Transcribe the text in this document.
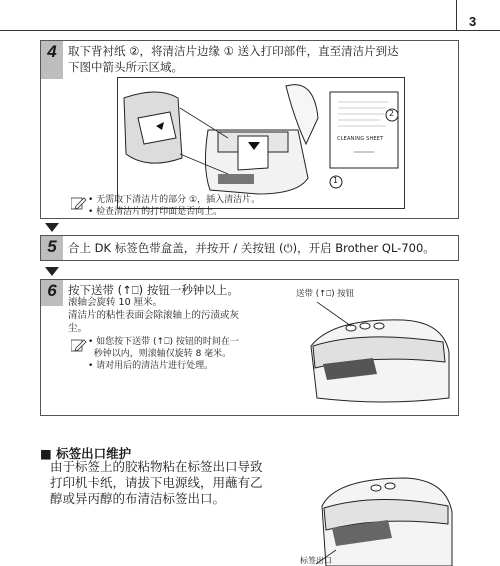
3
4 取下背衬纸 ②，将清洁片边缘 ① 送入打印部件，直至清洁片到达
下图中箭头所示区域。
CLEANING SHEET
2
1
• 无需取下清洁片的部分 ①，插入清洁片。
• 检查清洁片的打印面是否向上。
5 合上 DK 标签色带盒盖，并按开 / 关按钮 (⏻)，开启 Brother QL-700。
6 按下送带 (↑⎕) 按钮一秒钟以上。
滚轴会旋转 10 厘米。
清洁片的粘性表面会除滚轴上的污渍或灰
尘。
• 如您按下送带 (↑⎕) 按钮的时间在一
秒钟以内，则滚轴仅旋转 8 毫米。
• 请对用后的清洁片进行处理。
送带 (↑⎕) 按钮
■ 标签出口维护
由于标签上的胶粘物粘在标签出口导致
打印机卡纸，请拔下电源线，用蘸有乙
醇或异丙醇的布清洁标签出口。
标签出口
